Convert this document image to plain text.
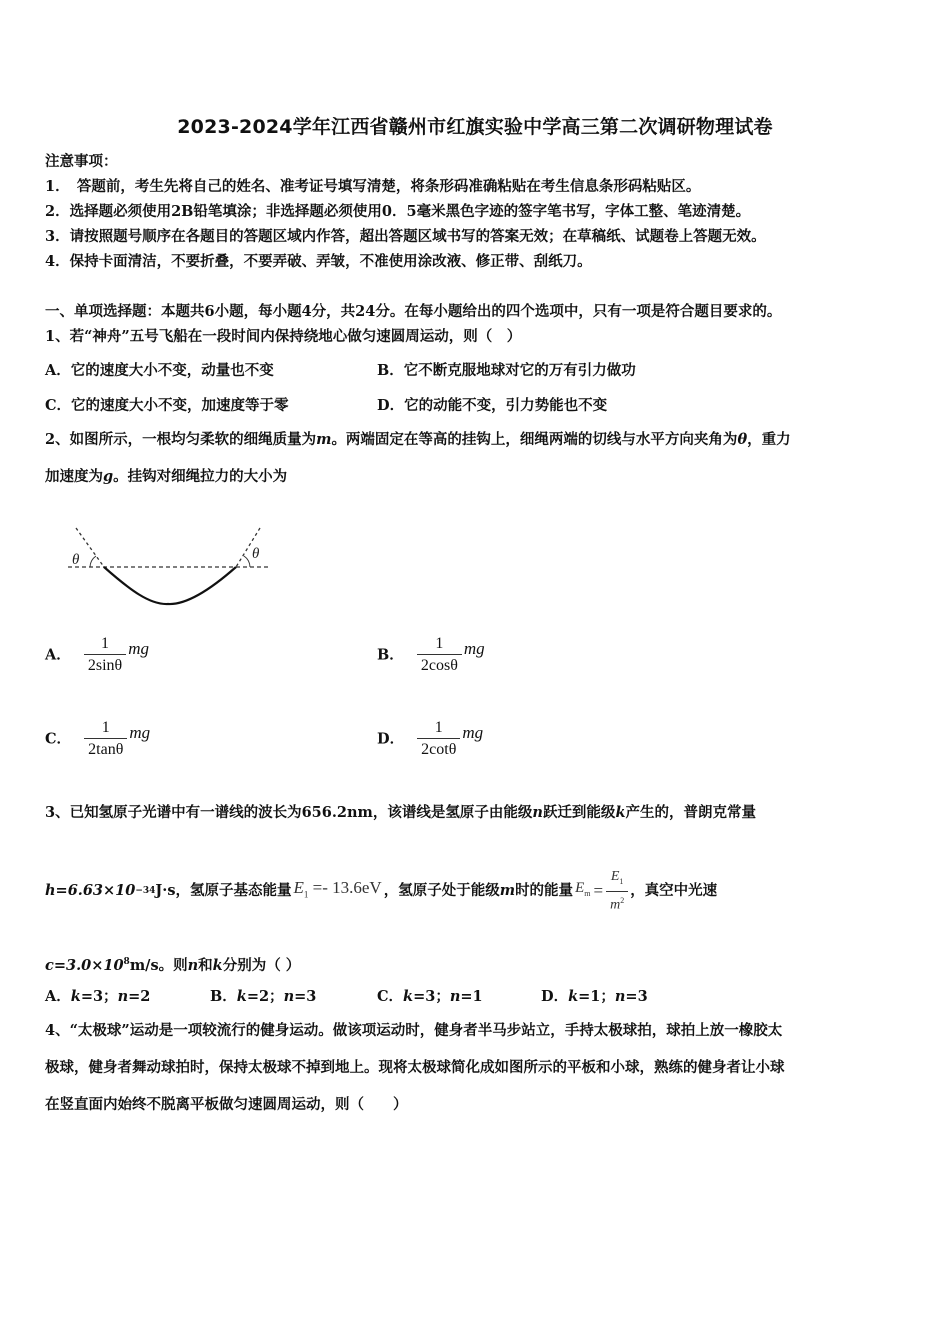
2023-2024学年江西省赣州市红旗实验中学高三第二次调研物理试卷
注意事项：
1．　答题前，考生先将自己的姓名、准考证号填写清楚，将条形码准确粘贴在考生信息条形码粘贴区。
2．选择题必须使用2B铅笔填涂；非选择题必须使用0．5毫米黑色字迹的签字笔书写，字体工整、笔迹清楚。
3．请按照题号顺序在各题目的答题区域内作答，超出答题区域书写的答案无效；在草稿纸、试题卷上答题无效。
4．保持卡面清洁，不要折叠，不要弄破、弄皱，不准使用涂改液、修正带、刮纸刀。
一、单项选择题：本题共6小题，每小题4分，共24分。在每小题给出的四个选项中，只有一项是符合题目要求的。
1、若“神舟”五号飞船在一段时间内保持绕地心做匀速圆周运动，则（　）
A．它的速度大小不变，动量也不变	B．它不断克服地球对它的万有引力做功
C．它的速度大小不变，加速度等于零	D．它的动能不变，引力势能也不变
2、如图所示，一根均匀柔软的细绳质量为m。两端固定在等高的挂钩上，细绳两端的切线与水平方向夹角为θ，重力
加速度为g。挂钩对细绳拉力的大小为
θ	θ
A． $\frac{1}{2\sin\theta}$ mg	B． $\frac{1}{2\cos\theta}$ mg
C． $\frac{1}{2\tan\theta}$ mg	D． $\frac{1}{2\cot\theta}$ mg
3、已知氢原子光谱中有一谱线的波长为656.2nm，该谱线是氢原子由能级n跃迁到能级k产生的，普朗克常量
h=6.63×10 −34 J·s，氢原子基态能量 $E_1 =- 13.6eV$ ，氢原子处于能级 m 时的能量 $E_m = \frac{E_1}{m^2}$ ，真空中光速
$c=3.0\times 10^8m/s$。则n和k分别为（ ）
A．k=3；n=2	B．k=2；n=3	C．k=3；n=1	D．k=1；n=3
4、“太极球”运动是一项较流行的健身运动。做该项运动时，健身者半马步站立，手持太极球拍，球拍上放一橡胶太
极球，健身者舞动球拍时，保持太极球不掉到地上。现将太极球简化成如图所示的平板和小球，熟练的健身者让小球
在竖直面内始终不脱离平板做匀速圆周运动，则（　　）
